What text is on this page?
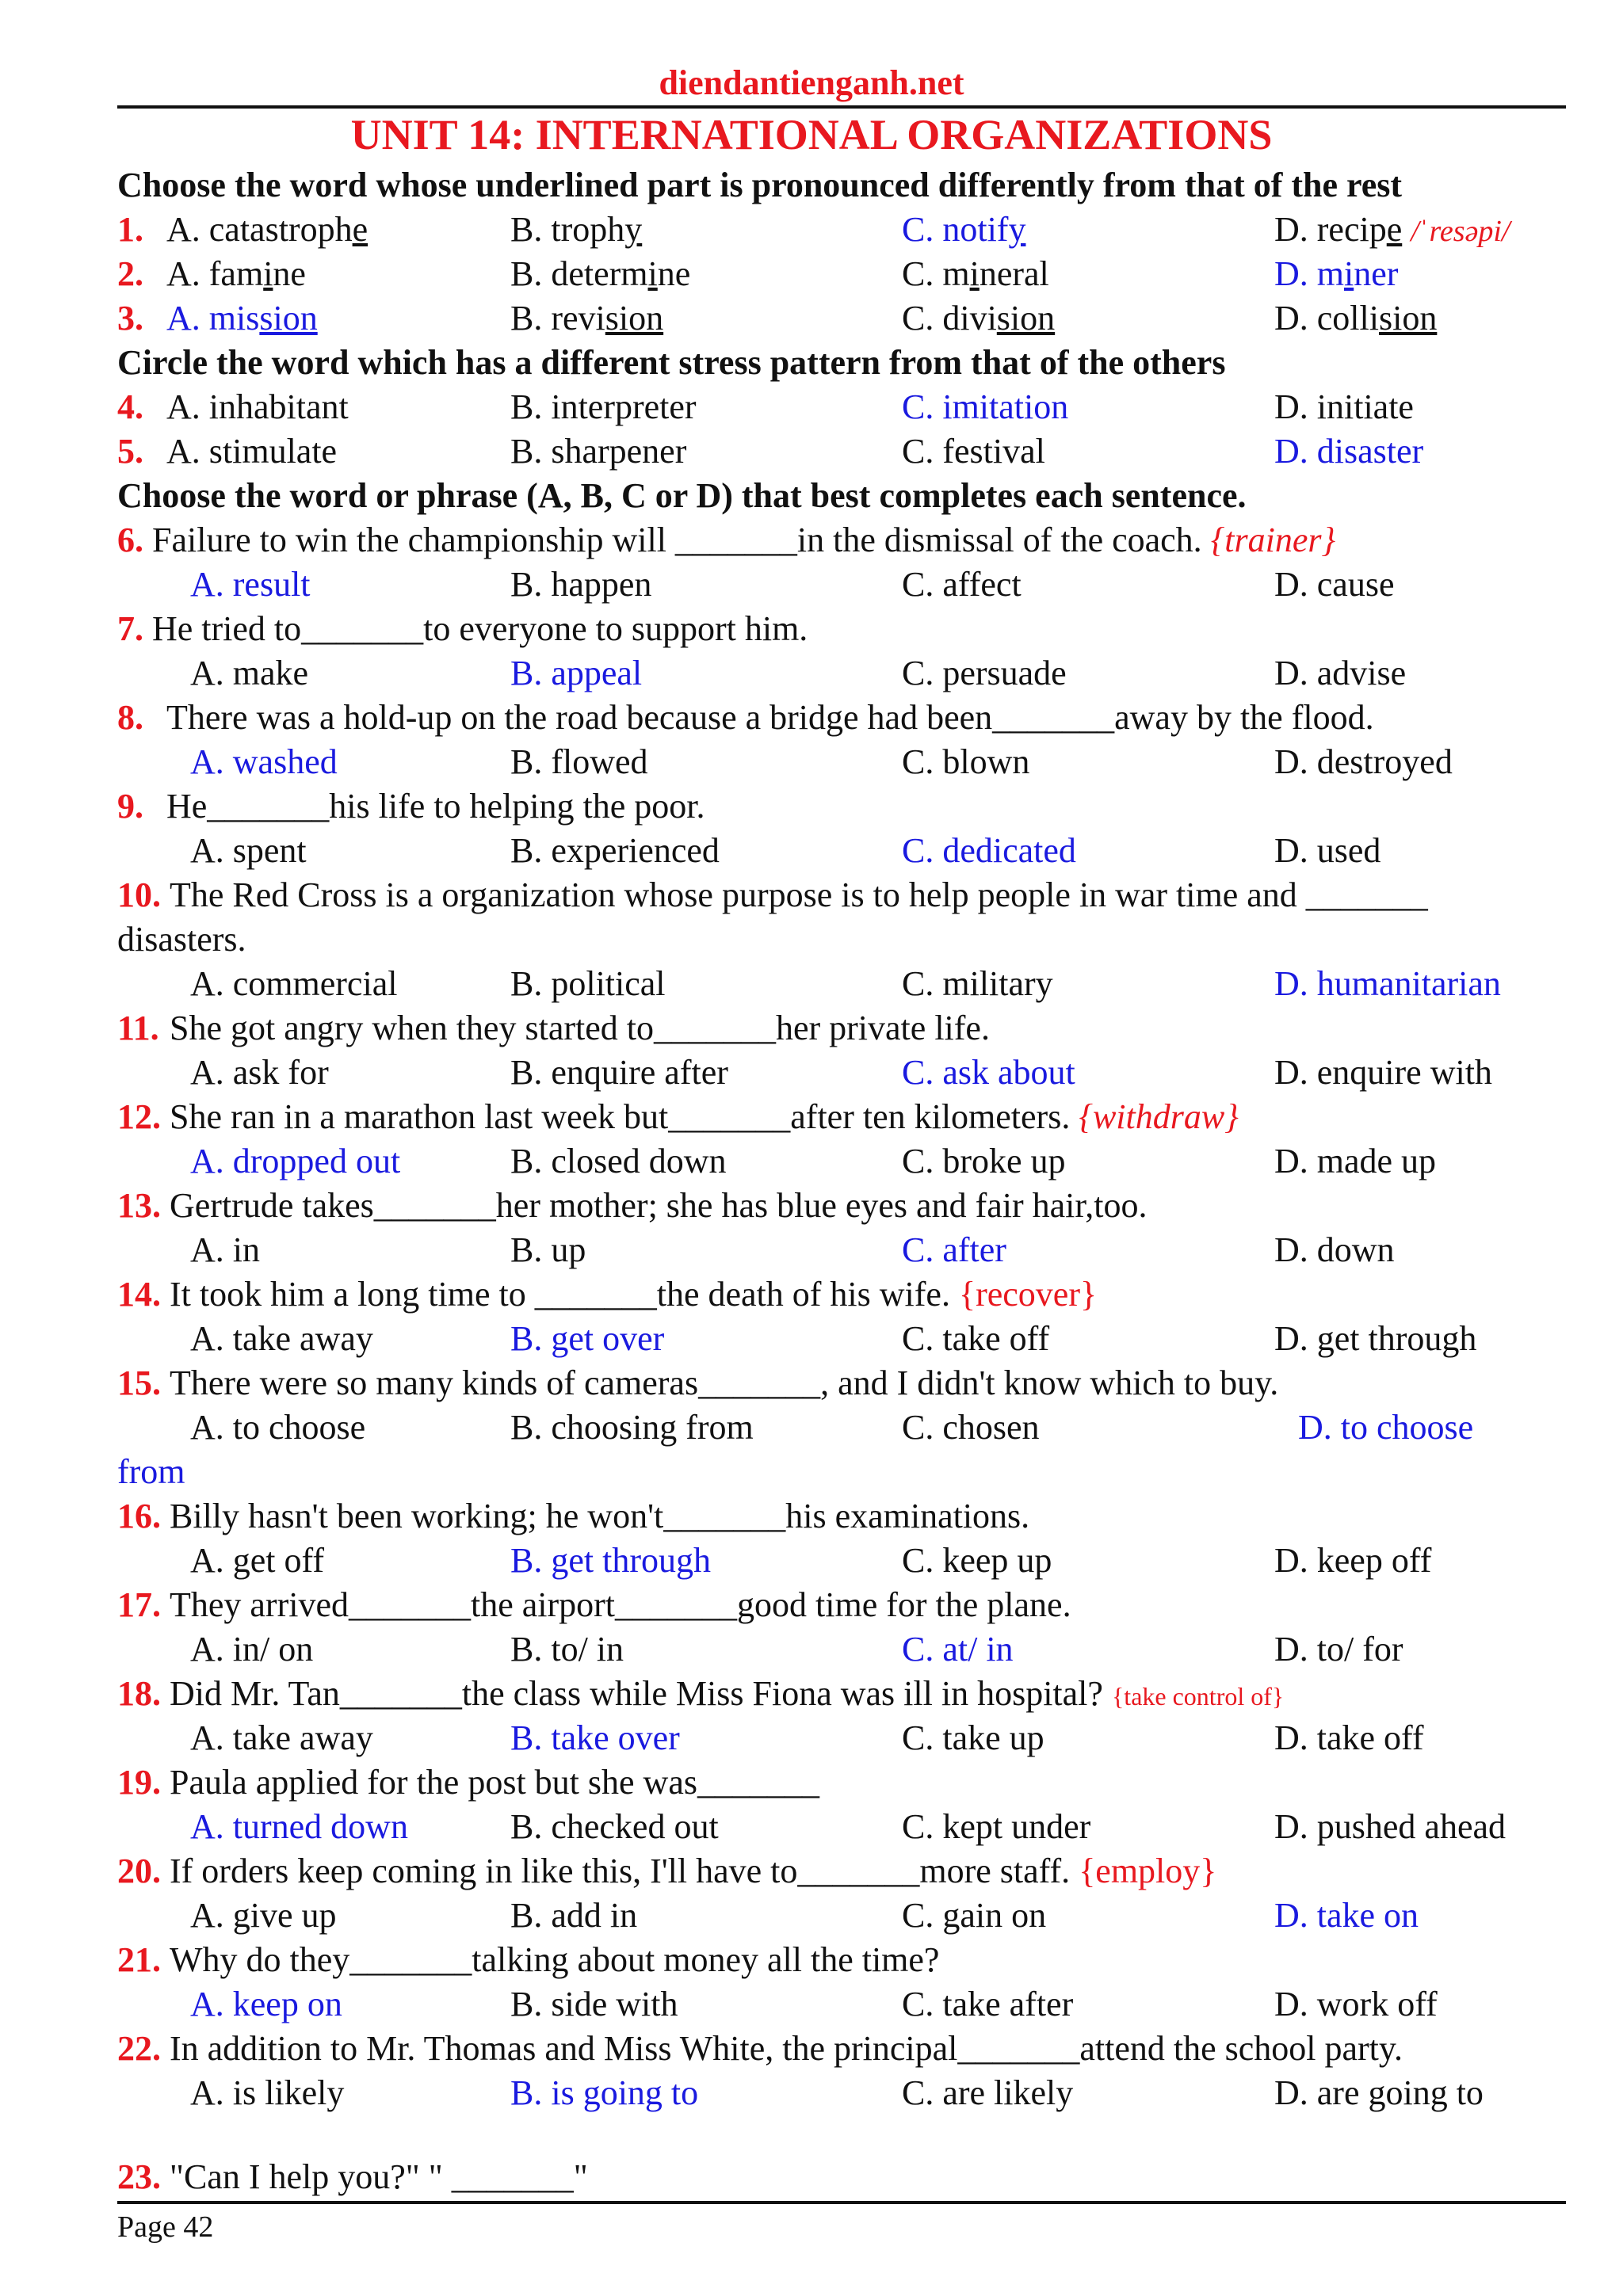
diendantienganh.net
UNIT 14: INTERNATIONAL ORGANIZATIONS
Choose the word whose underlined part is pronounced differently from that of the rest
1. A. catastrophe	B. trophy	C. notify	D. recipe /ˈresəpi/
2. A. famine	B. determine	C. mineral	D. miner
3. A. mission	B. revision	C. division	D. collision
Circle the word which has a different stress pattern from that of the others
4. A. inhabitant	B. interpreter	C. imitation	D. initiate
5. A. stimulate	B. sharpener	C. festival	D. disaster
Choose the word or phrase (A, B, C or D) that best completes each sentence.
6. Failure to win the championship will _______in the dismissal of the coach. {trainer}
A. result	B. happen	C. affect	D. cause
7. He tried to_______to everyone to support him.
A. make	B. appeal	C. persuade	D. advise
8. There was a hold-up on the road because a bridge had been_______away by the flood.
A. washed	B. flowed	C. blown	D. destroyed
9. He_______his life to helping the poor.
A. spent	B. experienced	C. dedicated	D. used
10. The Red Cross is a organization whose purpose is to help people in war time and _______
disasters.
A. commercial	B. political	C. military	D. humanitarian
11. She got angry when they started to_______her private life.
A. ask for	B. enquire after	C. ask about	D. enquire with
12. She ran in a marathon last week but_______after ten kilometers. {withdraw}
A. dropped out	B. closed down	C. broke up	D. made up
13. Gertrude takes_______her mother; she has blue eyes and fair hair,too.
A. in	B. up	C. after	D. down
14. It took him a long time to _______the death of his wife. {recover}
A. take away	B. get over	C. take off	D. get through
15. There were so many kinds of cameras_______, and I didn't know which to buy.
A. to choose	B. choosing from	C. chosen	D. to choose
from
16. Billy hasn't been working; he won't_______his examinations.
A. get off	B. get through	C. keep up	D. keep off
17. They arrived_______the airport_______good time for the plane.
A. in/ on	B. to/ in	C. at/ in	D. to/ for
18. Did Mr. Tan_______the class while Miss Fiona was ill in hospital? {take control of}
A. take away	B. take over	C. take up	D. take off
19. Paula applied for the post but she was_______
A. turned down	B. checked out	C. kept under	D. pushed ahead
20. If orders keep coming in like this, I'll have to_______more staff. {employ}
A. give up	B. add in	C. gain on	D. take on
21. Why do they_______talking about money all the time?
A. keep on	B. side with	C. take after	D. work off
22. In addition to Mr. Thomas and Miss White, the principal_______attend the school party.
A. is likely	B. is going to	C. are likely	D. are going to
23. "Can I help you?" " _______"
Page 42
